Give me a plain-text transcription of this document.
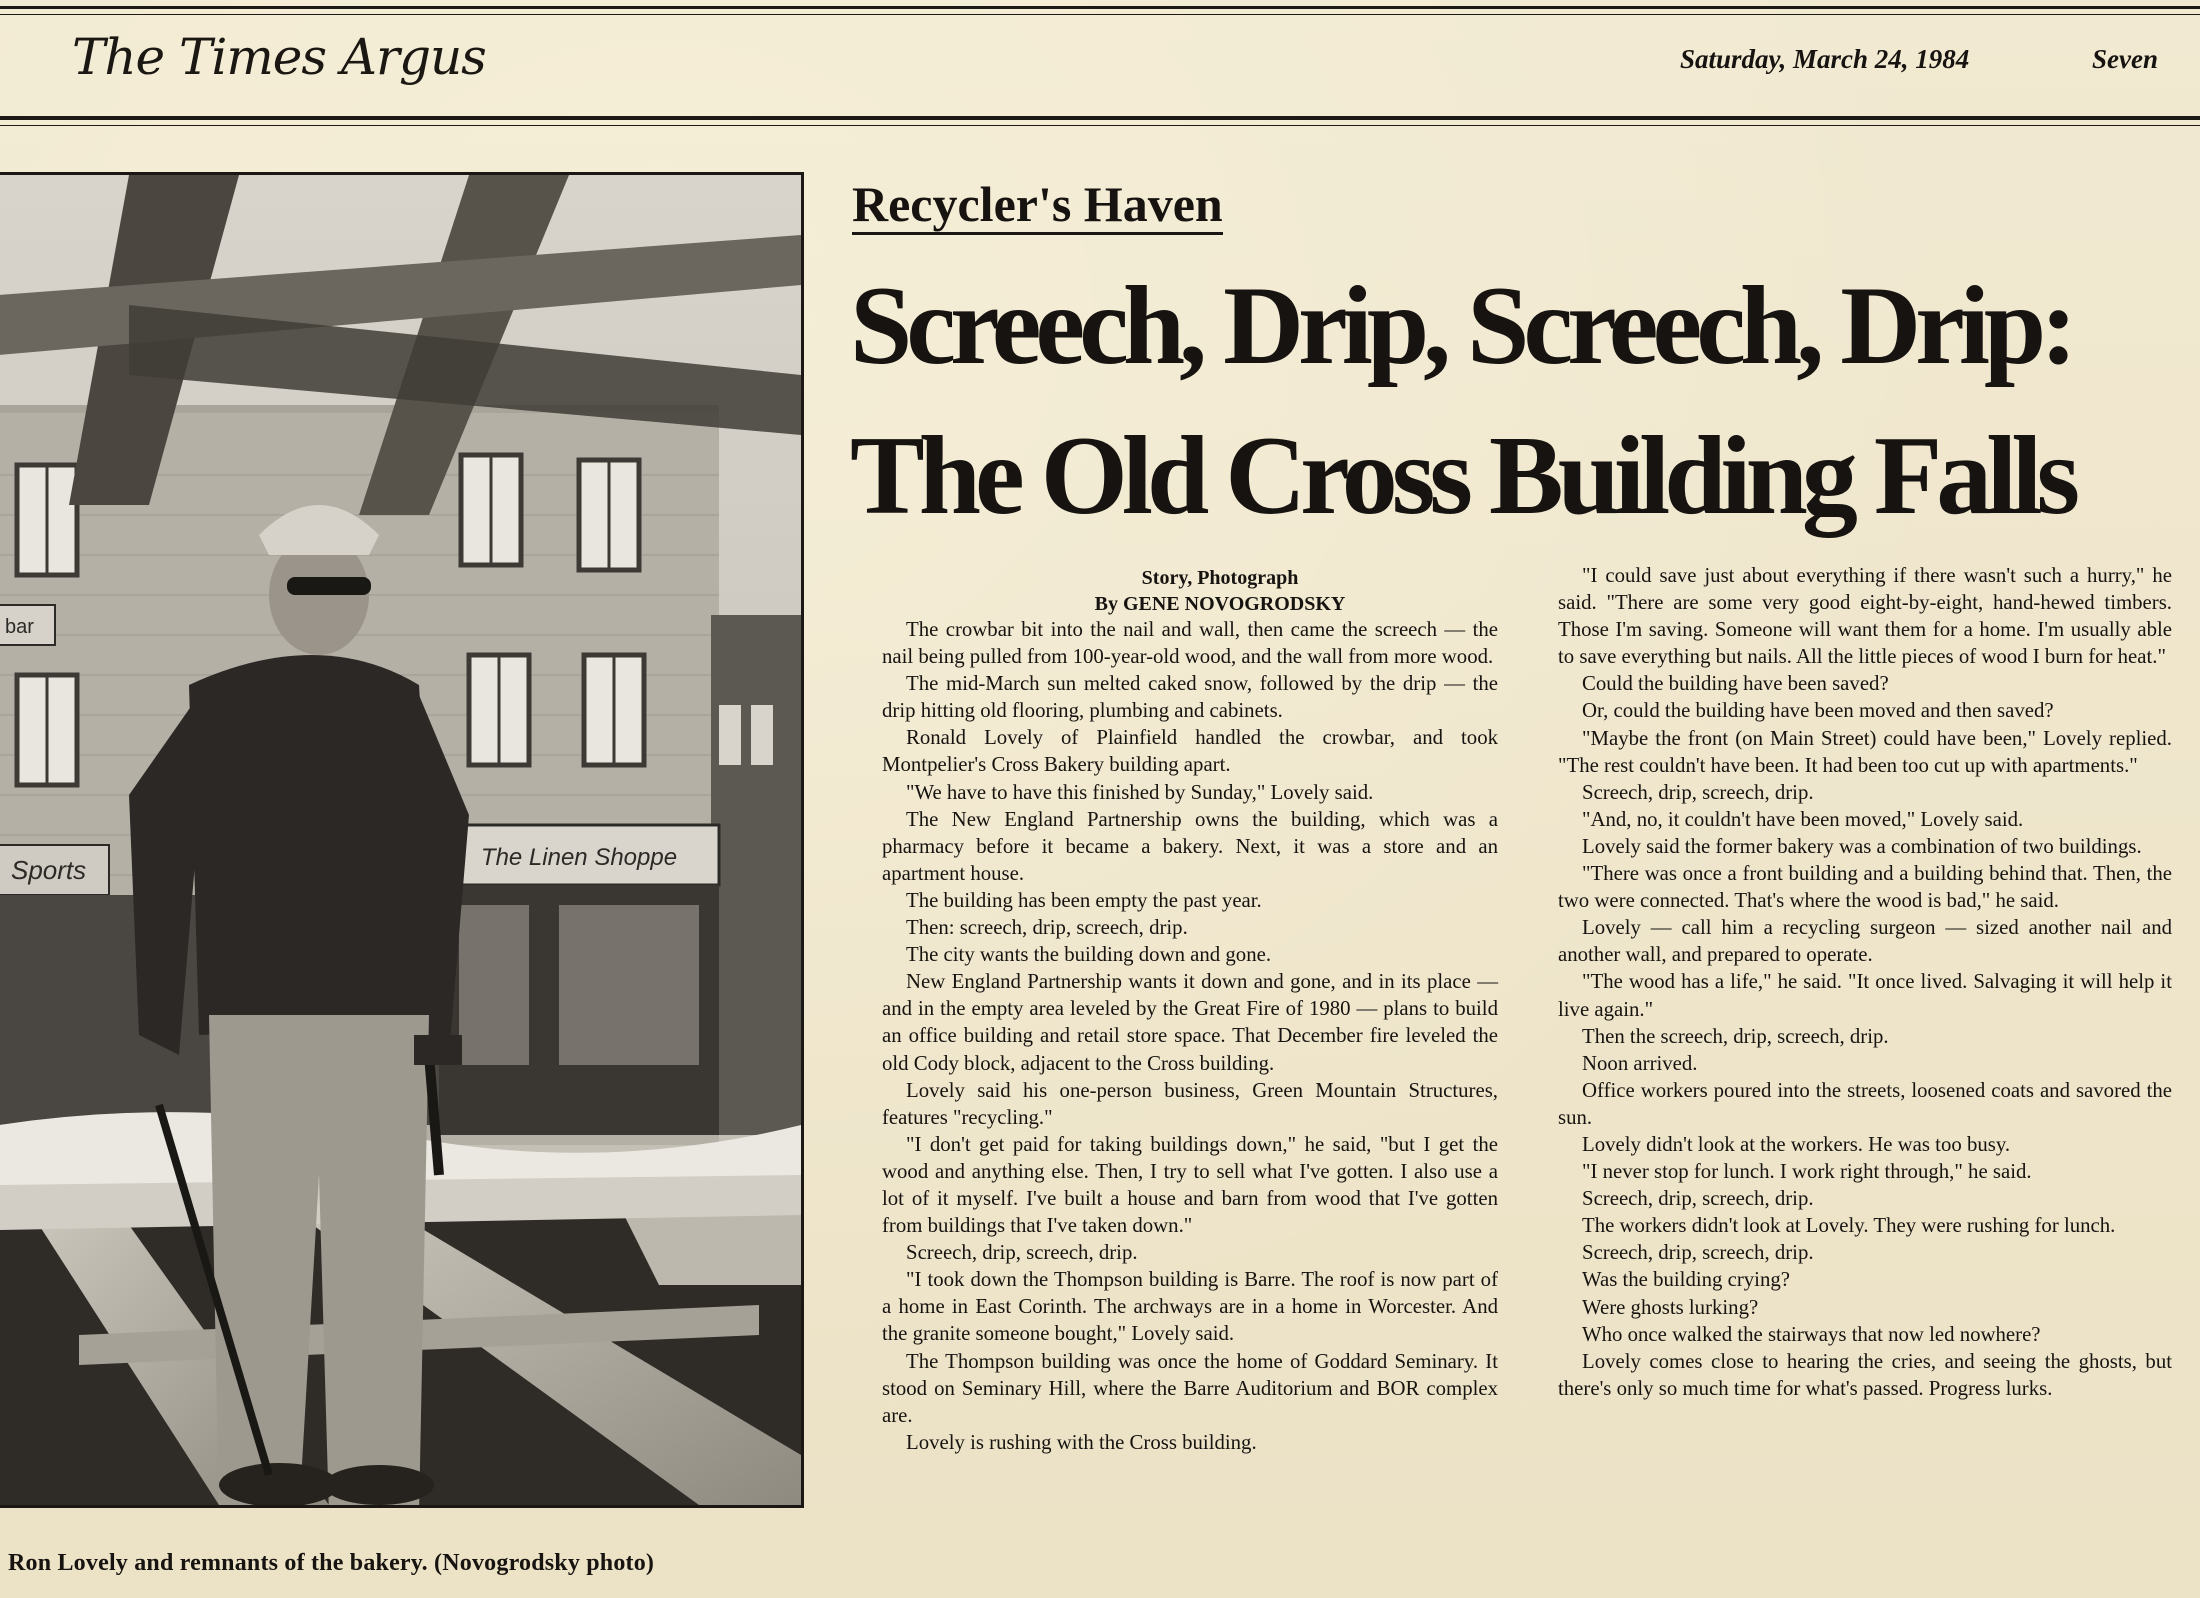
The Times Argus	Saturday, March 24, 1984	Seven
The Linen Shoppe
Sports
bar
Ron Lovely and remnants of the bakery. (Novogrodsky photo)
Recycler's Haven
Screech, Drip, Screech, Drip:
The Old Cross Building Falls
Story, Photograph
By GENE NOVOGRODSKY

The crowbar bit into the nail and wall, then came the screech — the nail being pulled from 100-year-old wood, and the wall from more wood.

The mid-March sun melted caked snow, followed by the drip — the drip hitting old flooring, plumbing and cabinets.

Ronald Lovely of Plainfield handled the crowbar, and took Montpelier's Cross Bakery building apart.

"We have to have this finished by Sunday," Lovely said.

The New England Partnership owns the building, which was a pharmacy before it became a bakery. Next, it was a store and an apartment house.

The building has been empty the past year.

Then: screech, drip, screech, drip.

The city wants the building down and gone.

New England Partnership wants it down and gone, and in its place — and in the empty area leveled by the Great Fire of 1980 — plans to build an office building and retail store space. That December fire leveled the old Cody block, adjacent to the Cross building.

Lovely said his one-person business, Green Mountain Structures, features "recycling."

"I don't get paid for taking buildings down," he said, "but I get the wood and anything else. Then, I try to sell what I've gotten. I also use a lot of it myself. I've built a house and barn from wood that I've gotten from buildings that I've taken down."

Screech, drip, screech, drip.

"I took down the Thompson building is Barre. The roof is now part of a home in East Corinth. The archways are in a home in Worcester. And the granite someone bought," Lovely said.

The Thompson building was once the home of Goddard Seminary. It stood on Seminary Hill, where the Barre Auditorium and BOR complex are.

Lovely is rushing with the Cross building.

"I could save just about everything if there wasn't such a hurry," he said. "There are some very good eight-by-eight, hand-hewed timbers. Those I'm saving. Someone will want them for a home. I'm usually able to save everything but nails. All the little pieces of wood I burn for heat."

Could the building have been saved?

Or, could the building have been moved and then saved?

"Maybe the front (on Main Street) could have been," Lovely replied. "The rest couldn't have been. It had been too cut up with apartments."

Screech, drip, screech, drip.

"And, no, it couldn't have been moved," Lovely said.

Lovely said the former bakery was a combination of two buildings.

"There was once a front building and a building behind that. Then, the two were connected. That's where the wood is bad," he said.

Lovely — call him a recycling surgeon — sized another nail and another wall, and prepared to operate.

"The wood has a life," he said. "It once lived. Salvaging it will help it live again."

Then the screech, drip, screech, drip.

Noon arrived.

Office workers poured into the streets, loosened coats and savored the sun.

Lovely didn't look at the workers. He was too busy.

"I never stop for lunch. I work right through," he said.

Screech, drip, screech, drip.

The workers didn't look at Lovely. They were rushing for lunch.

Screech, drip, screech, drip.

Was the building crying?

Were ghosts lurking?

Who once walked the stairways that now led nowhere?

Lovely comes close to hearing the cries, and seeing the ghosts, but there's only so much time for what's passed. Progress lurks.
